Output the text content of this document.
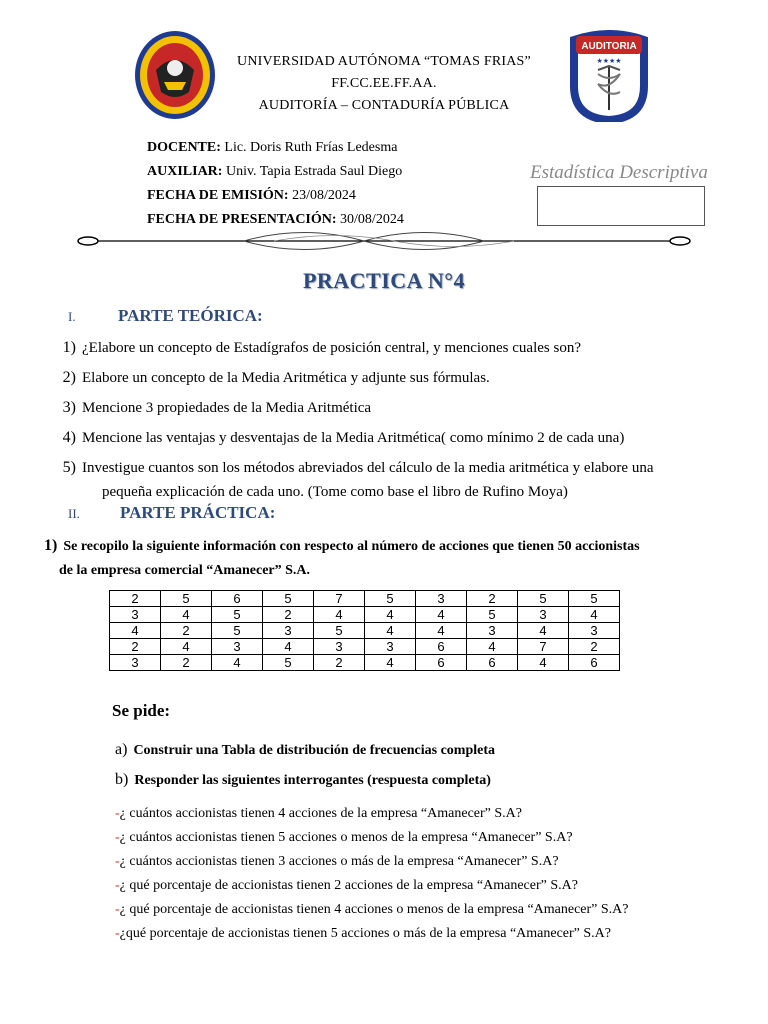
UNIVERSIDAD AUTÓNOMA “TOMAS FRIAS”
FF.CC.EE.FF.AA.
AUDITORÍA – CONTADURÍA PÚBLICA
AUDITORIA
★★★★
DOCENTE: Lic. Doris Ruth Frías Ledesma
AUXILIAR: Univ. Tapia Estrada Saul Diego
FECHA DE EMISIÓN: 23/08/2024
FECHA DE PRESENTACIÓN: 30/08/2024
Estadística Descriptiva
PRACTICA N°4
I. PARTE TEÓRICA:
1) ¿Elabore un concepto de Estadígrafos de posición central, y menciones cuales son?
2) Elabore un concepto de la Media Aritmética y adjunte sus fórmulas.
3) Mencione 3 propiedades de la Media Aritmética
4) Mencione las ventajas y desventajas de la Media Aritmética( como mínimo 2 de cada una)
5) Investigue cuantos son los métodos abreviados del cálculo de la media aritmética y elabore una
pequeña explicación de cada uno. (Tome como base el libro de Rufino Moya)
II. PARTE PRÁCTICA:
1) Se recopilo la siguiente información con respecto al número de acciones que tienen 50 accionistas
de la empresa comercial “Amanecer” S.A.
2	5	6	5	7	5	3	2	5	5
3	4	5	2	4	4	4	5	3	4
4	2	5	3	5	4	4	3	4	3
2	4	3	4	3	3	6	4	7	2
3	2	4	5	2	4	6	6	4	6
Se pide:
a) Construir una Tabla de distribución de frecuencias completa
b) Responder las siguientes interrogantes (respuesta completa)
-¿ cuántos accionistas tienen 4 acciones de la empresa “Amanecer” S.A?
-¿ cuántos accionistas tienen 5 acciones o menos de la empresa “Amanecer” S.A?
-¿ cuántos accionistas tienen 3 acciones o más de la empresa “Amanecer” S.A?
-¿ qué porcentaje de accionistas tienen 2 acciones de la empresa “Amanecer” S.A?
-¿ qué porcentaje de accionistas tienen 4 acciones o menos de la empresa “Amanecer” S.A?
-¿qué porcentaje de accionistas tienen 5 acciones o más de la empresa “Amanecer” S.A?
